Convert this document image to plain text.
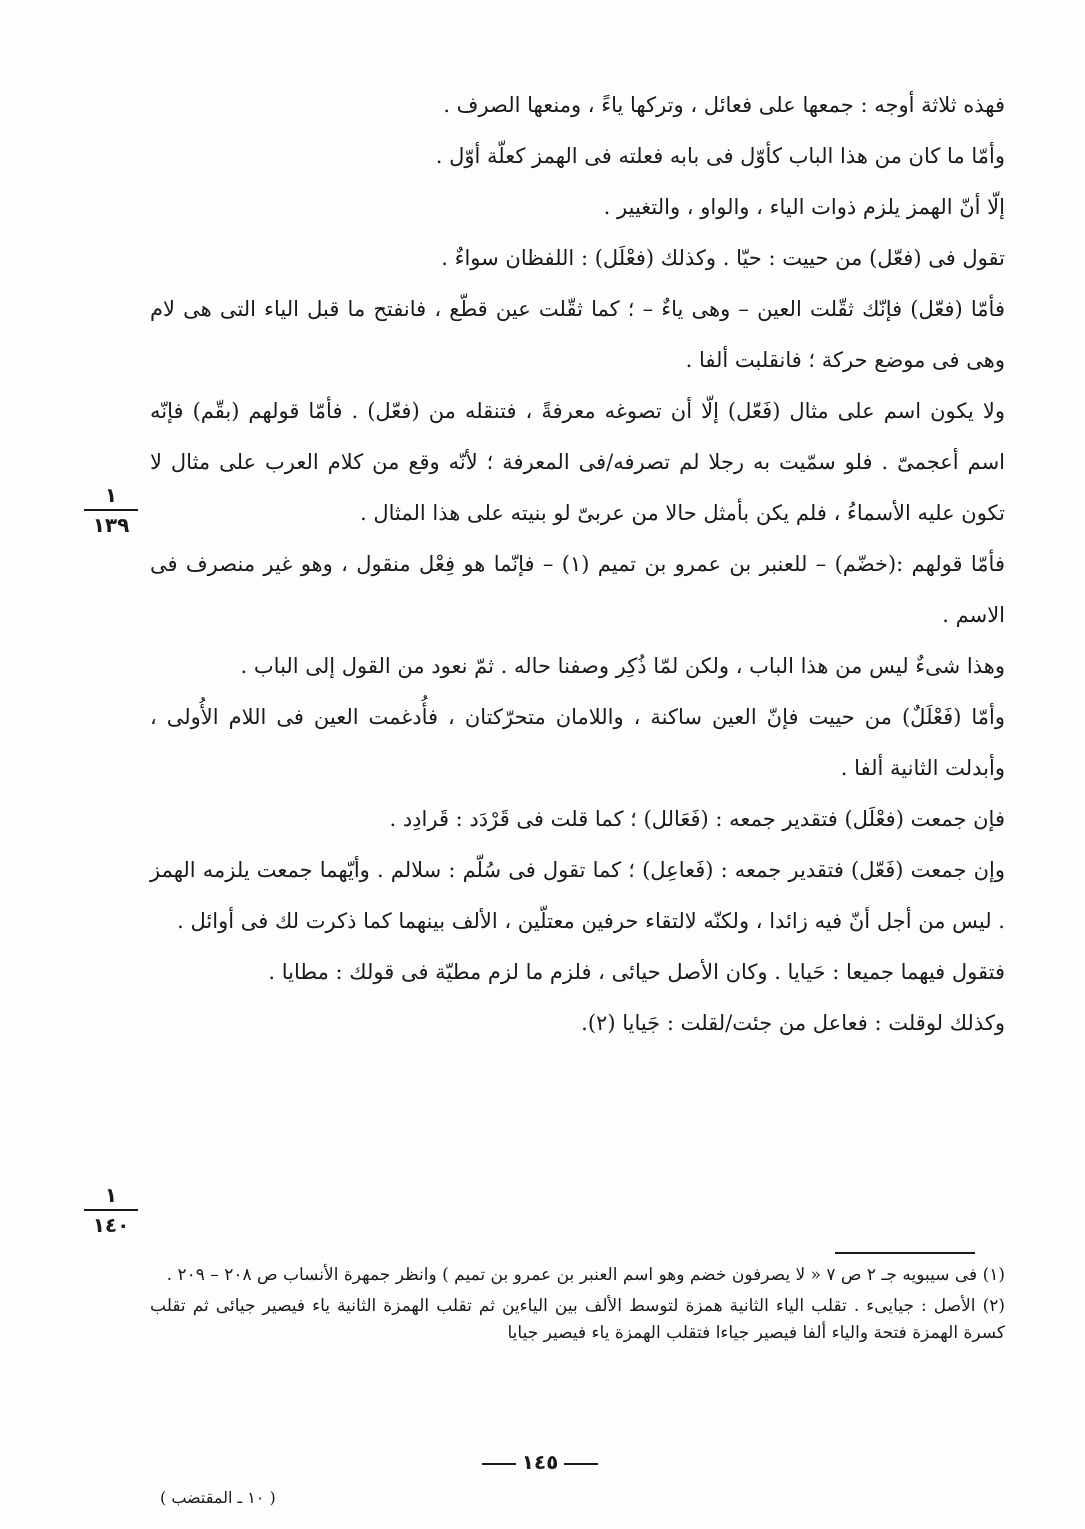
فهذه ثلاثة أوجه : جمعها على فعائل ، وتركها ياءً ، ومنعها الصرف .

وأمّا ما كان من هذا الباب كأوّل فى بابه فعلته فى الهمز كعلّة أوّل .

إلّا أنّ الهمز يلزم ذوات الياء ، والواو ، والتغيير .

تقول فى (فعّل) من حييت : حيّا . وكذلك (فعْلَل) : اللفظان سواءٌ .

فأمّا (فعّل) فإنّك ثقّلت العين – وهى ياءٌ – ؛ كما ثقّلت عين قطّع ، فانفتح ما قبل الياء التى هى لام وهى فى موضع حركة ؛ فانقلبت ألفا .

ولا يكون اسم على مثال (فَعّل) إلّا أن تصوغه معرفةً ، فتنقله من (فعّل) . فأمّا قولهم (بقّم) فإنّه اسم أعجمىّ . فلو سمّيت به رجلا لم تصرفه/فى المعرفة ؛ لأنّه وقع من كلام العرب على مثال لا تكون عليه الأسماءُ ، فلم يكن بأمثل حالا من عربىّ لو بنيته على هذا المثال .

فأمّا قولهم :(خضّم) – للعنبر بن عمرو بن تميم (١) – فإنّما هو فِعْل منقول ، وهو غير منصرف فى الاسم .

وهذا شىءٌ ليس من هذا الباب ، ولكن لمّا ذُكِر وصفنا حاله . ثمّ نعود من القول إلى الباب .

وأمّا (فَعْلَلٌ) من حييت فإنّ العين ساكنة ، واللامان متحرّكتان ، فأُدغمت العين فى اللام الأُولى ، وأبدلت الثانية ألفا .

فإن جمعت (فعْلَل) فتقدير جمعه : (فَعَالل) ؛ كما قلت فى قَرْدَد : قَرادِد .

وإن جمعت (فَعّل) فتقدير جمعه : (فَعاعِل) ؛ كما تقول فى سُلّم : سلالم . وأيّهما جمعت يلزمه الهمز . ليس من أجل أنّ فيه زائدا ، ولكنّه لالتقاء حرفين معتلّين ، الألف بينهما كما ذكرت لك فى أوائل .

فتقول فيهما جميعا : حَيايا . وكان الأصل حيائى ، فلزم ما لزم مطيّة فى قولك : مطايا .

وكذلك لوقلت : فعاعل من جئت/لقلت : جَيايا (٢).

١
١٣٩
١
١٤٠

(١) فى سيبويه جـ ٢ ص ٧ « لا يصرفون خضم وهو اسم العنبر بن عمرو بن تميم ) وانظر جمهرة الأنساب ص ٢٠٨ – ٢٠٩ .

(٢) الأصل : جيايىء . تقلب الياء الثانية همزة لتوسط الألف بين الياءين ثم تقلب الهمزة الثانية ياء فيصير جيائى ثم تقلب كسرة الهمزة فتحة والياء ألفا فيصير جياءا فتقلب الهمزة ياء فيصير جيايا

١٤٥
( ١٠ ـ المقتضب )
